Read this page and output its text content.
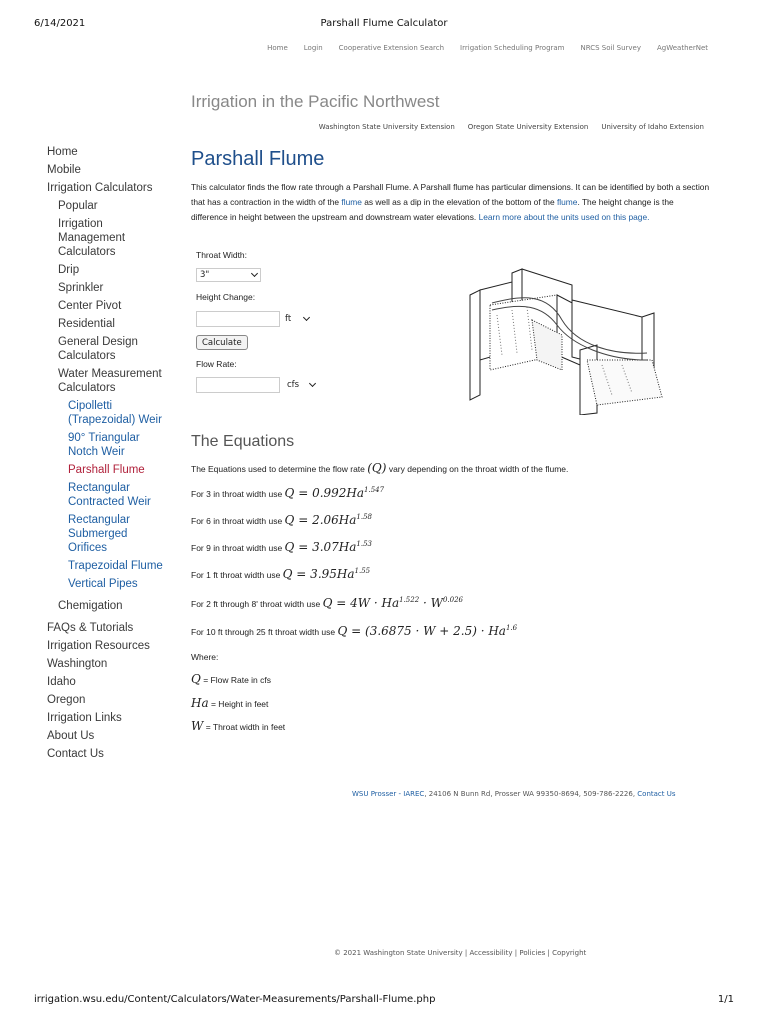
6/14/2021	Parshall Flume Calculator
Home Login Cooperative Extension Search Irrigation Scheduling Program NRCS Soil Survey AgWeatherNet
Irrigation in the Pacific Northwest
Washington State University Extension Oregon State University Extension University of Idaho Extension
Home
Mobile
Irrigation Calculators
Popular
Irrigation Management Calculators
Drip
Sprinkler
Center Pivot
Residential
General Design Calculators
Water Measurement Calculators
Cipolletti (Trapezoidal) Weir
90° Triangular Notch Weir
Parshall Flume
Rectangular Contracted Weir
Rectangular Submerged Orifices
Trapezoidal Flume
Vertical Pipes
Chemigation
FAQs & Tutorials
Irrigation Resources
Washington
Idaho
Oregon
Irrigation Links
About Us
Contact Us
Parshall Flume
This calculator finds the flow rate through a Parshall Flume. A Parshall flume has particular dimensions. It can be identified by both a section that has a contraction in the width of the flume as well as a dip in the elevation of the bottom of the flume. The height change is the difference in height between the upstream and downstream water elevations. Learn more about the units used on this page.
Throat Width:
3"
Height Change:
ft
Calculate
Flow Rate:
cfs
The Equations
The Equations used to determine the flow rate (Q) vary depending on the throat width of the flume.
For 3 in throat width use $Q = 0.992Ha^{1.547}$
For 6 in throat width use $Q = 2.06Ha^{1.58}$
For 9 in throat width use $Q = 3.07Ha^{1.53}$
For 1 ft throat width use $Q = 3.95Ha^{1.55}$
For 2 ft through 8' throat width use $Q = 4W \cdot Ha^{1.522} \cdot W^{0.026}$
For 10 ft through 25 ft throat width use $Q = (3.6875 \cdot W + 2.5) \cdot Ha^{1.6}$
Where:
Q = Flow Rate in cfs
Ha = Height in feet
W = Throat width in feet
WSU Prosser - IAREC, 24106 N Bunn Rd, Prosser WA 99350-8694, 509-786-2226, Contact Us
© 2021 Washington State University | Accessibility | Policies | Copyright
irrigation.wsu.edu/Content/Calculators/Water-Measurements/Parshall-Flume.php	1/1
